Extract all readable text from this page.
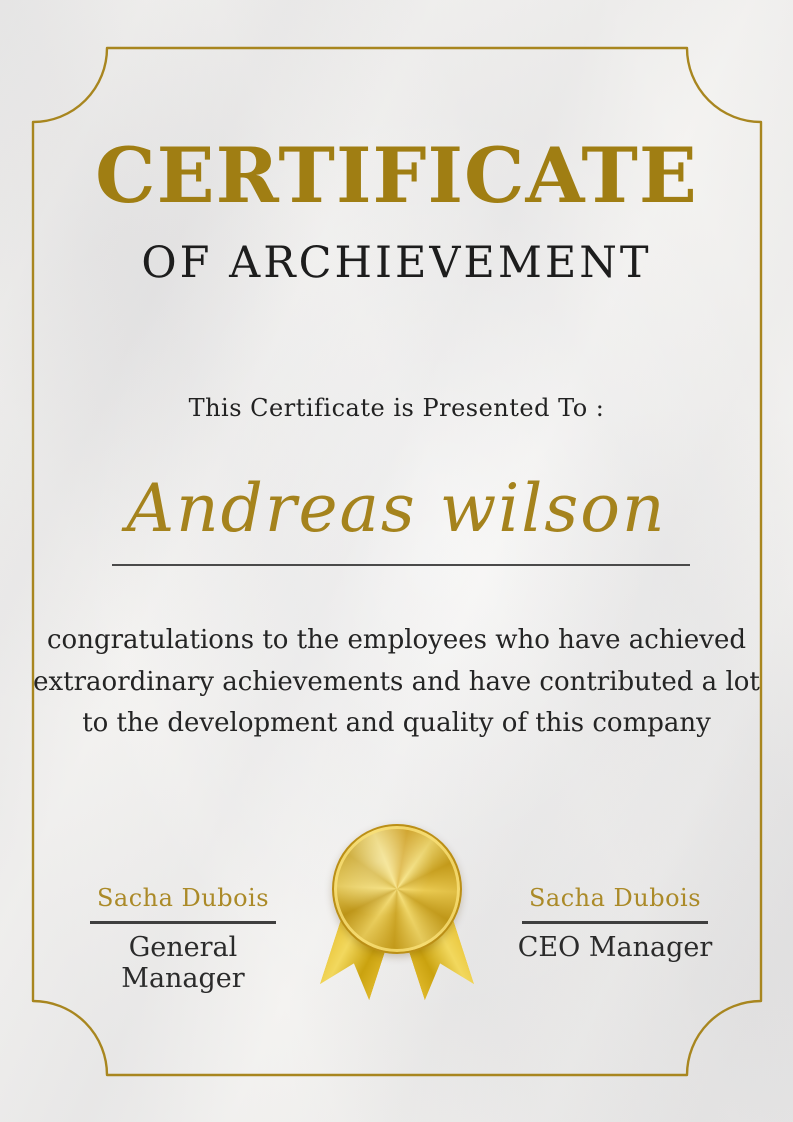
CERTIFICATE
OF ARCHIEVEMENT
This Certificate is Presented To :
Andreas wilson
congratulations to the employees who have achieved
extraordinary achievements and have contributed a lot
to the development and quality of this company
Sacha Dubois
General Manager
Sacha Dubois
CEO Manager
